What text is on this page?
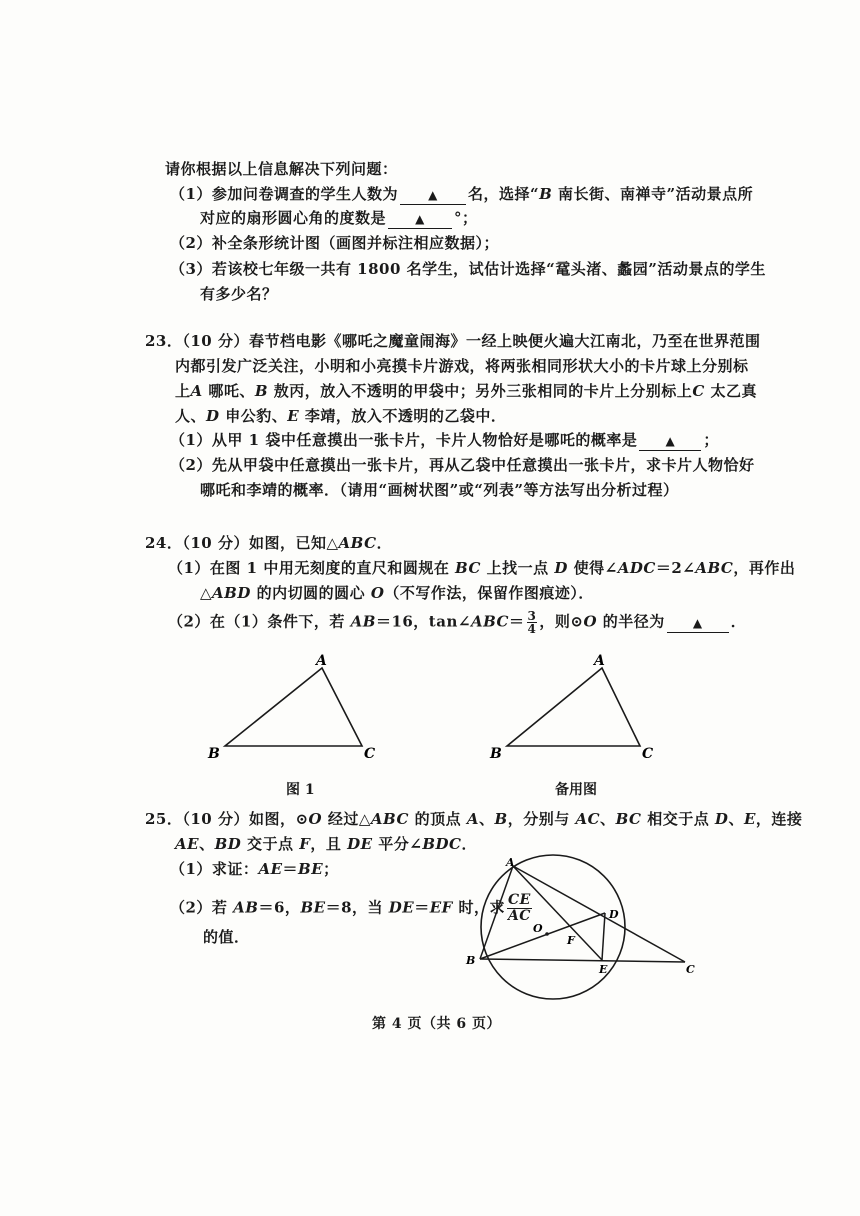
请你根据以上信息解决下列问题：
（1）参加问卷调查的学生人数为	▲ 名，选择“B 南长街、南禅寺”活动景点所
对应的扇形圆心角的度数是 ▲ °；
（2）补全条形统计图（画图并标注相应数据）；
（3）若该校七年级一共有 1800 名学生，试估计选择“鼋头渚、蠡园”活动景点的学生
有多少名？
23．（10 分）春节档电影《哪吒之魔童闹海》一经上映便火遍大江南北，乃至在世界范围
内都引发广泛关注，小明和小亮摸卡片游戏，将两张相同形状大小的卡片球上分别标
上A 哪吒、B 敖丙，放入不透明的甲袋中；另外三张相同的卡片上分别标上C 太乙真
人、D 申公豹、E 李靖，放入不透明的乙袋中．
（1）从甲 1 袋中任意摸出一张卡片，卡片人物恰好是哪吒的概率是 ▲ ；
（2）先从甲袋中任意摸出一张卡片，再从乙袋中任意摸出一张卡片，求卡片人物恰好
哪吒和李靖的概率．（请用“画树状图”或“列表”等方法写出分析过程）
24．（10 分）如图，已知△ABC．
（1）在图 1 中用无刻度的直尺和圆规在 BC 上找一点 D 使得∠ADC＝2∠ABC，再作出
△ABD 的内切圆的圆心 O（不写作法，保留作图痕迹）．
（2）在（1）条件下，若 AB＝16，tan∠ABC＝ $\frac{3}{4}$ ，则⊙O 的半径为 ▲ ．
A
B	C
图 1
A
B	C
备用图
25．（10 分）如图，⊙O 经过△ABC 的顶点 A、B，分别与 AC、BC 相交于点 D、E，连接
AE、BD 交于点 F，且 DE 平分∠BDC．
（1）求证：AE＝BE；
（2）若 AB＝6，BE＝8，当 DE＝EF 时，求 $\frac{CE}{AC}$
的值．
A
B
C
D
E
F
O
第 4 页（共 6 页）
